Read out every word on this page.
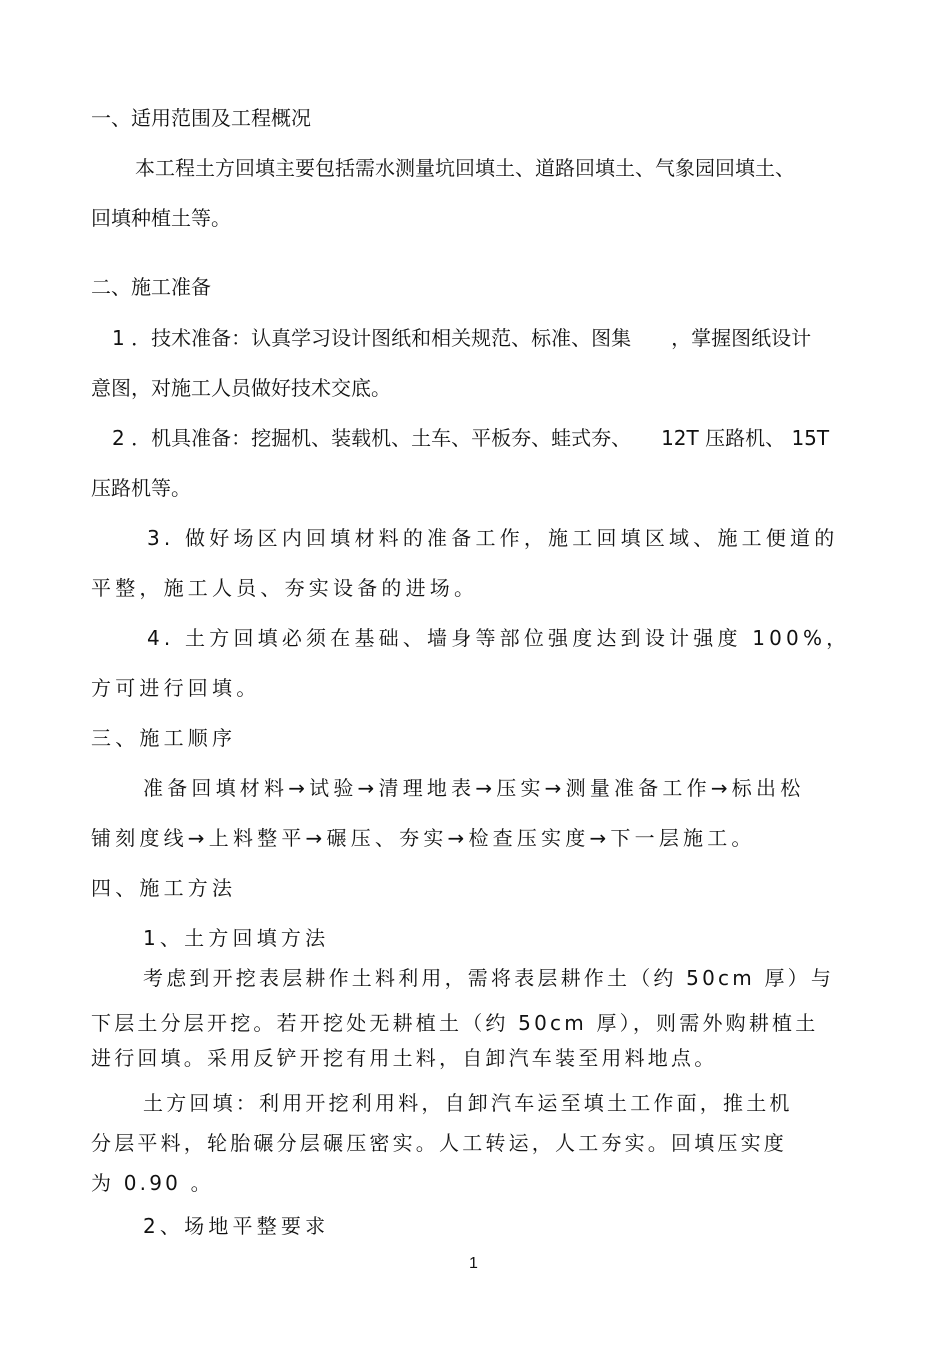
一、适用范围及工程概况
本工程土方回填主要包括需水测量坑回填土、道路回填土、气象园回填土、
回填种植土等。
二、施工准备
1 ．技术准备：认真学习设计图纸和相关规范、标准、图集　　，掌握图纸设计
意图，对施工人员做好技术交底。
2 ．机具准备：挖掘机、装载机、土车、平板夯、蛙式夯、　　12T 压路机、 15T
压路机等。
3. 做好场区内回填材料的准备工作，施工回填区域、施工便道的
平整，施工人员、夯实设备的进场。
4. 土方回填必须在基础、墙身等部位强度达到设计强度 100%，
方可进行回填。
三、施工顺序
准备回填材料→试验→清理地表→压实→测量准备工作→标出松
铺刻度线→上料整平→碾压、夯实→检查压实度→下一层施工。
四、施工方法
1、土方回填方法
考虑到开挖表层耕作土料利用，需将表层耕作土（约 50cm 厚）与
下层土分层开挖。若开挖处无耕植土（约 50cm 厚），则需外购耕植土
进行回填。采用反铲开挖有用土料，自卸汽车装至用料地点。
土方回填：利用开挖利用料，自卸汽车运至填土工作面，推土机
分层平料，轮胎碾分层碾压密实。人工转运，人工夯实。回填压实度
为 0.90 。
2、场地平整要求
1
